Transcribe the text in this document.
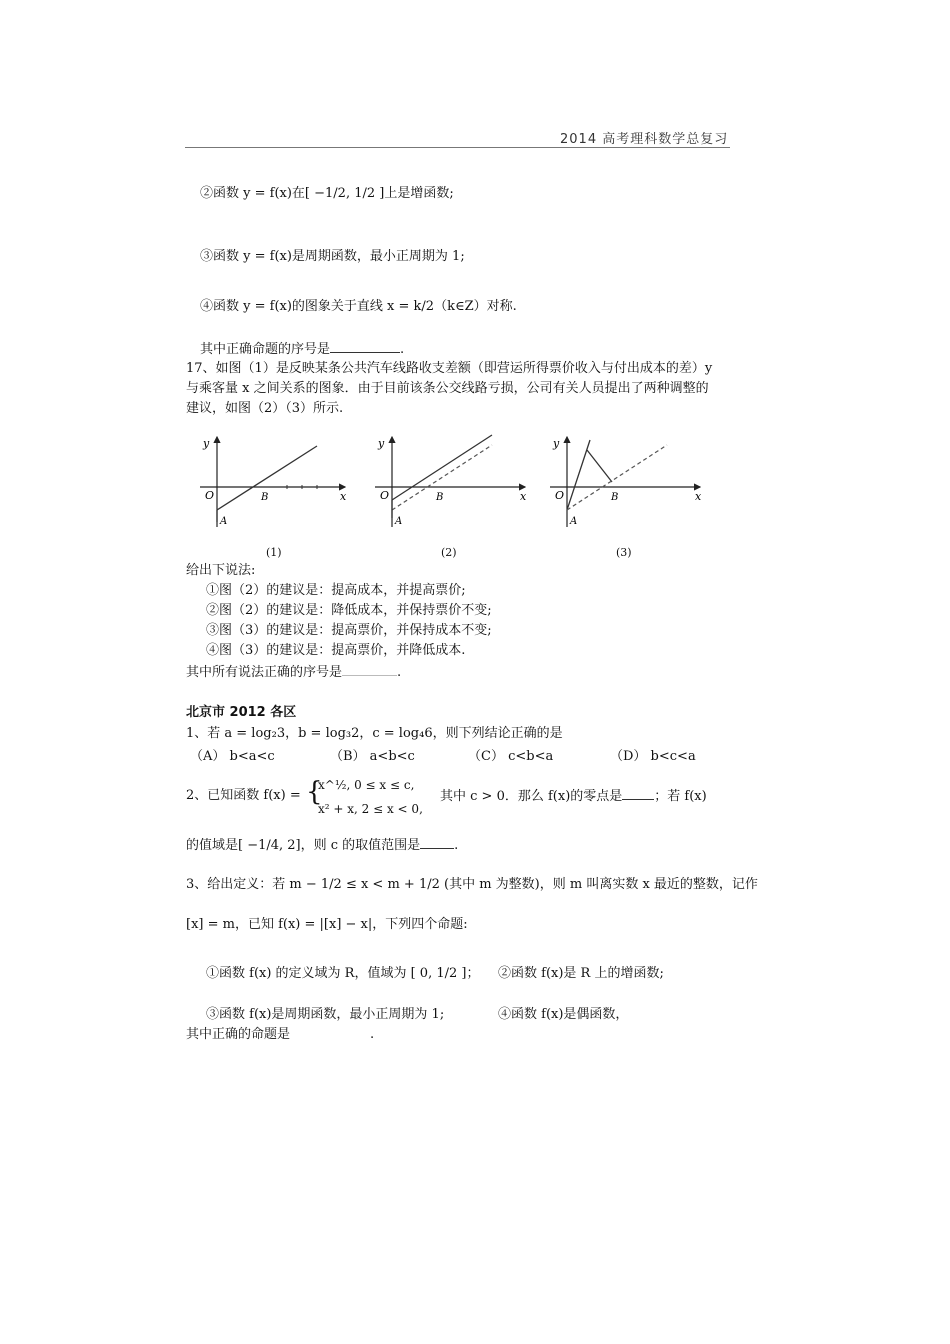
2014 高考理科数学总复习
②函数 y = f(x)在[ −1/2, 1/2 ]上是增函数;
③函数 y = f(x)是周期函数，最小正周期为 1;
④函数 y = f(x)的图象关于直线 x = k/2（k∈Z）对称.
其中正确命题的序号是	.
17、如图（1）是反映某条公共汽车线路收支差额（即营运所得票价收入与付出成本的差）y
与乘客量 x 之间关系的图象．由于目前该条公交线路亏损，公司有关人员提出了两种调整的
建议，如图（2）（3）所示.
y
x
O
A
B
y
x
O
A
B
y
x
O
A
B
(1)	(2)	(3)
给出下说法:
①图（2）的建议是：提高成本，并提高票价;
②图（2）的建议是：降低成本，并保持票价不变;
③图（3）的建议是：提高票价，并保持成本不变;
④图（3）的建议是：提高票价，并降低成本.
其中所有说法正确的序号是	.
北京市 2012 各区
1、若 a = log₂3，b = log₃2，c = log₄6，则下列结论正确的是
（A） b<a<c	（B） a<b<c	（C） c<b<a	（D） b<c<a
2、已知函数 f(x) = {
x^½, 0 ≤ x ≤ c,
x² + x, 2 ≤ x < 0,
其中 c > 0．那么 f(x)的零点是 ；若 f(x)
的值域是[ −1/4, 2]，则 c 的取值范围是	.
3、给出定义：若 m − 1/2 ≤ x < m + 1/2 (其中 m 为整数)，则 m 叫离实数 x 最近的整数，记作
[x] = m，已知 f(x) = |[x] − x|，下列四个命题:
①函数 f(x) 的定义域为 R，值域为 [ 0, 1/2 ]； ②函数 f(x)是 R 上的增函数;
③函数 f(x)是周期函数，最小正周期为 1;	④函数 f(x)是偶函数，
其中正确的命题是	.
